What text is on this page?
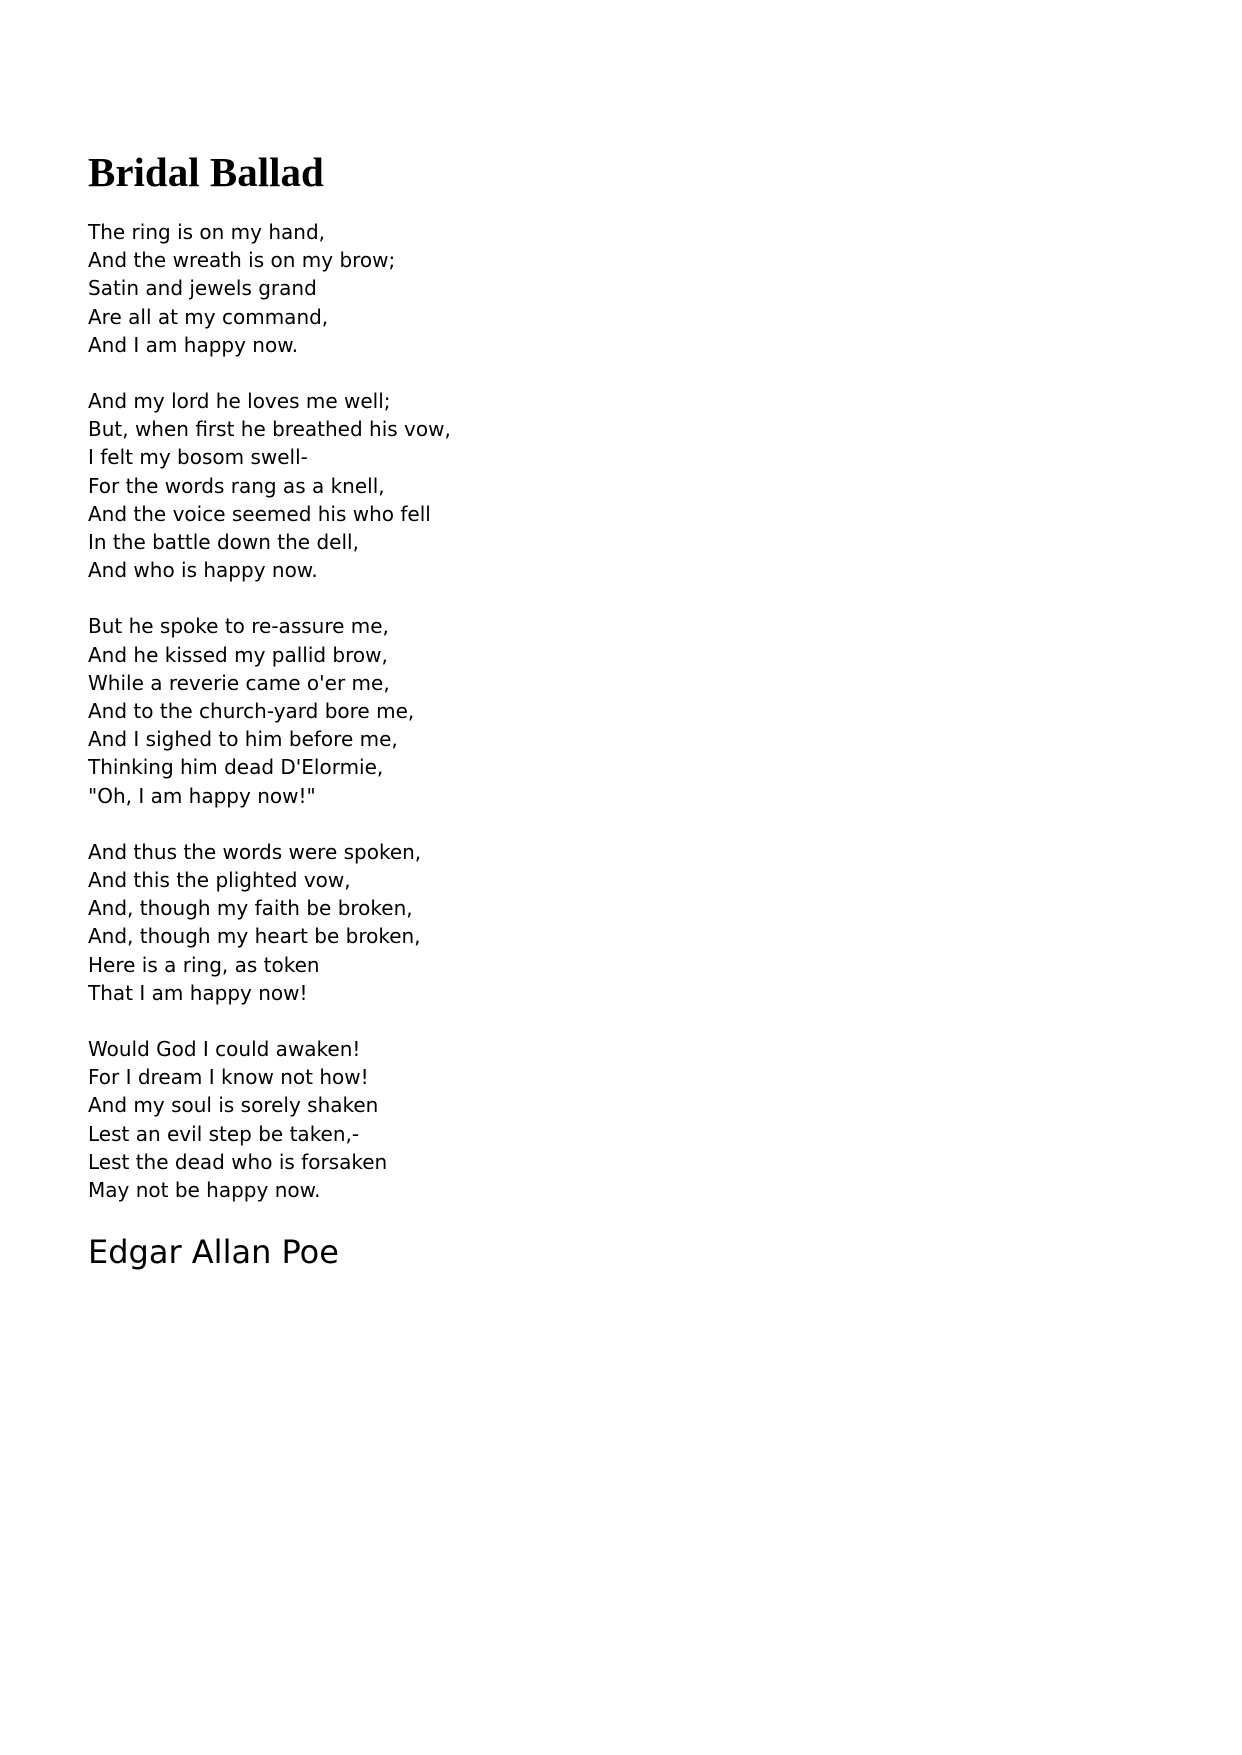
Bridal Ballad
The ring is on my hand,
And the wreath is on my brow;
Satin and jewels grand
Are all at my command,
And I am happy now.
And my lord he loves me well;
But, when first he breathed his vow,
I felt my bosom swell-
For the words rang as a knell,
And the voice seemed his who fell
In the battle down the dell,
And who is happy now.
But he spoke to re-assure me,
And he kissed my pallid brow,
While a reverie came o'er me,
And to the church-yard bore me,
And I sighed to him before me,
Thinking him dead D'Elormie,
"Oh, I am happy now!"
And thus the words were spoken,
And this the plighted vow,
And, though my faith be broken,
And, though my heart be broken,
Here is a ring, as token
That I am happy now!
Would God I could awaken!
For I dream I know not how!
And my soul is sorely shaken
Lest an evil step be taken,-
Lest the dead who is forsaken
May not be happy now.
Edgar Allan Poe
